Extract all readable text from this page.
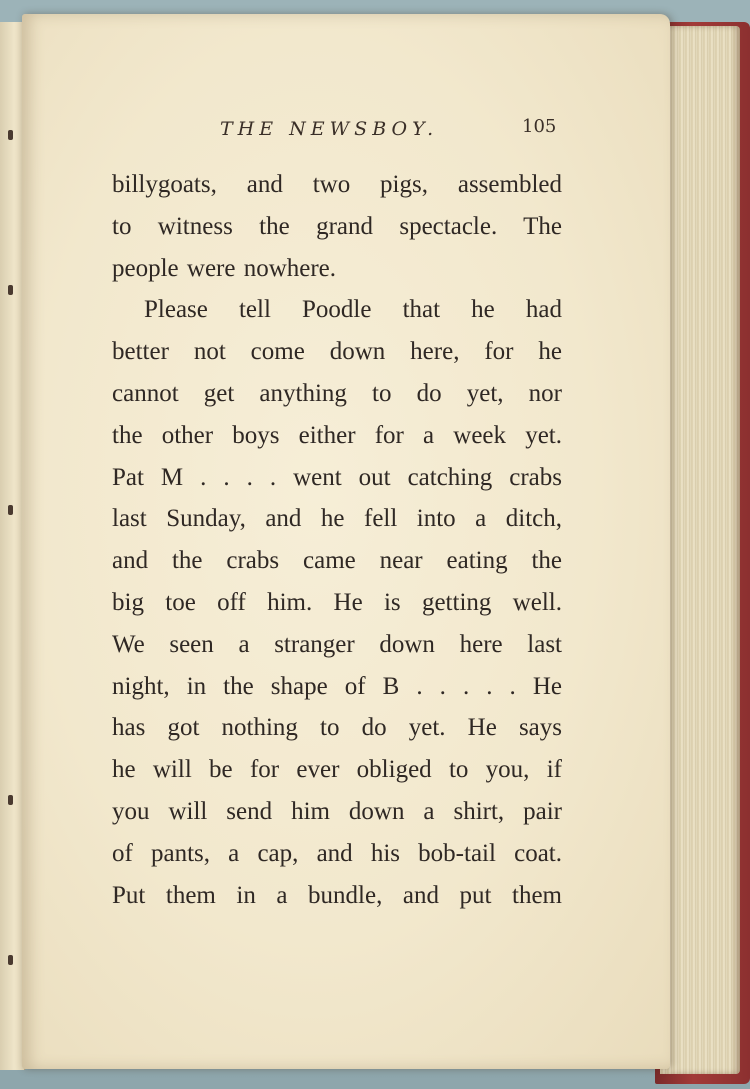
THE NEWSBOY.	105
billygoats, and two pigs, assembled
to witness the grand spectacle. The
people were nowhere.
Please tell Poodle that he had
better not come down here, for he
cannot get anything to do yet, nor
the other boys either for a week yet.
Pat M . . . . went out catching crabs
last Sunday, and he fell into a ditch,
and the crabs came near eating the
big toe off him. He is getting well.
We seen a stranger down here last
night, in the shape of B . . . . . He
has got nothing to do yet. He says
he will be for ever obliged to you, if
you will send him down a shirt, pair
of pants, a cap, and his bob-tail coat.
Put them in a bundle, and put them
